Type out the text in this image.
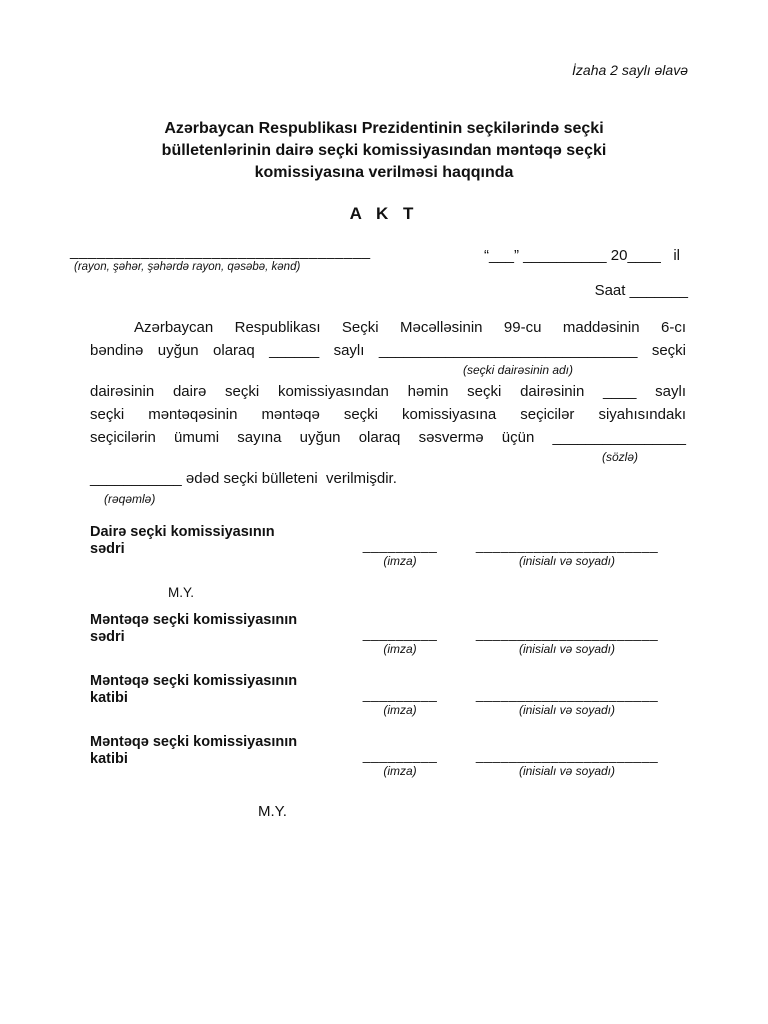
İzaha 2 saylı əlavə
Azərbaycan Respublikası Prezidentinin seçkilərində seçki
bülletenlərinin dairə seçki komissiyasından məntəqə seçki
komissiyasına verilməsi haqqında
A K T
__________________________________
(rayon, şəhər, şəhərdə rayon, qəsəbə, kənd)
“___” __________ 20____   il
Saat _______
Azərbaycan Respublikası Seçki Məcəlləsinin 99-cu maddəsinin 6-cı
bəndinə uyğun olaraq ______ saylı _______________________________ seçki
(seçki dairəsinin adı)
dairəsinin dairə seçki komissiyasından həmin seçki dairəsinin ____ saylı
seçki məntəqəsinin məntəqə seçki komissiyasına seçicilər siyahısındakı
seçicilərin ümumi sayına uyğun olaraq səsvermə üçün ________________
(sözlə)
___________ ədəd seçki bülleteni  verilmişdir.
(rəqəmlə)
Dairə seçki komissiyasının
sədri	_________
(imza)
______________________
(inisialı və soyadı)
M.Y.
Məntəqə seçki komissiyasının
sədri	_________
(imza)
______________________
(inisialı və soyadı)
Məntəqə seçki komissiyasının
katibi	_________
(imza)
______________________
(inisialı və soyadı)
Məntəqə seçki komissiyasının
katibi	_________
(imza)
______________________
(inisialı və soyadı)
M.Y.
